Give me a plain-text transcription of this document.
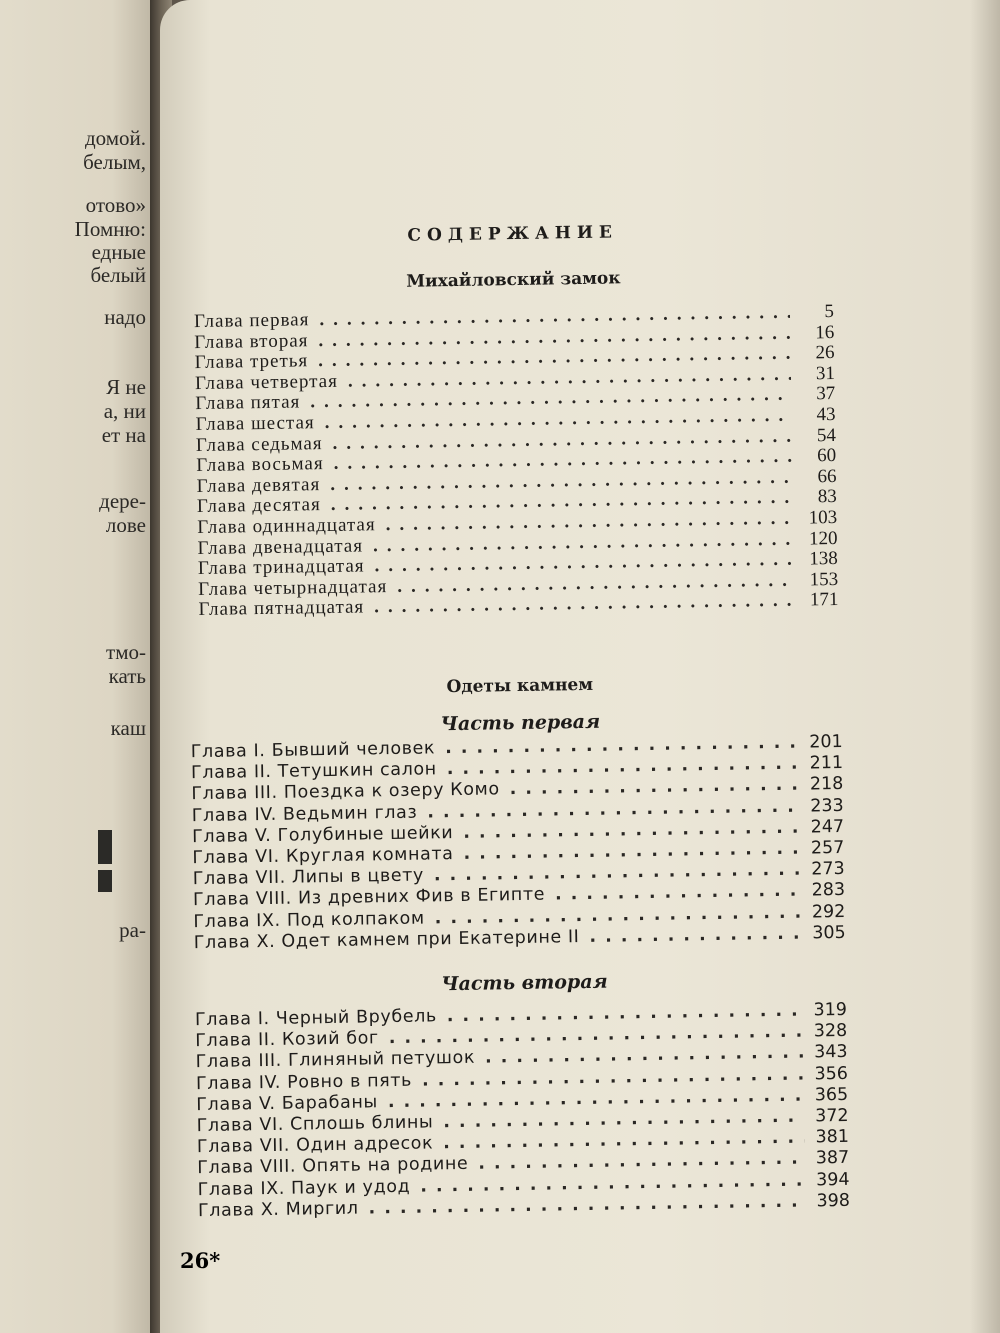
домой.
белым,
отово»
Помню:
едные
белый
надо
Я не
а, ни
ет на
дере-
лове
тмо-
кать
каш
ра-
СОДЕРЖАНИЕ
Михайловский замок
Глава первая .....	5
Глава вторая .....	16
Глава третья .....	26
Глава четвертая .....	31
Глава пятая .....	37
Глава шестая .....	43
Глава седьмая .....	54
Глава восьмая .....	60
Глава девятая .....	66
Глава десятая .....	83
Глава одиннадцатая .....	103
Глава двенадцатая .....	120
Глава тринадцатая .....	138
Глава четырнадцатая .....	153
Глава пятнадцатая .....	171
Одеты камнем
Часть первая
Глава I. Бывший человек .....	201
Глава II. Тетушкин салон .....	211
Глава III. Поездка к озеру Комо .....	218
Глава IV. Ведьмин глаз .....	233
Глава V. Голубиные шейки .....	247
Глава VI. Круглая комната .....	257
Глава VII. Липы в цвету .....	273
Глава VIII. Из древних Фив в Египте .....	283
Глава IX. Под колпаком .....	292
Глава X. Одет камнем при Екатерине II .....	305
Часть вторая
Глава I. Черный Врубель .....	319
Глава II. Козий бог .....	328
Глава III. Глиняный петушок .....	343
Глава IV. Ровно в пять .....	356
Глава V. Барабаны .....	365
Глава VI. Сплошь блины .....	372
Глава VII. Один адресок .....	381
Глава VIII. Опять на родине .....	387
Глава IX. Паук и удод .....	394
Глава X. Миргил .....	398
26*
